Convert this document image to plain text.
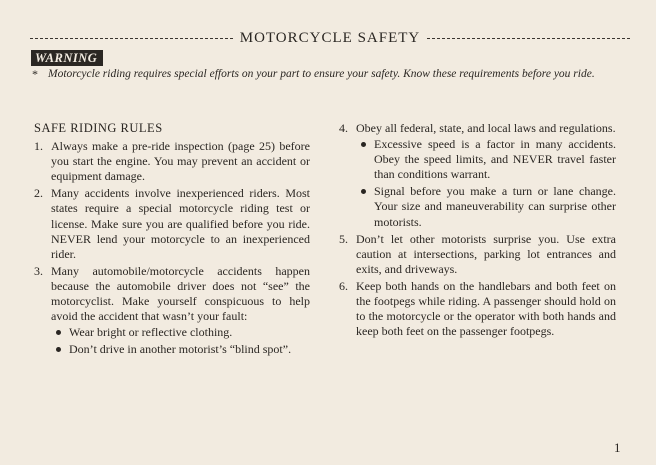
MOTORCYCLE SAFETY
WARNING
* Motorcycle riding requires special efforts on your part to ensure your safety. Know these requirements before you ride.
SAFE RIDING RULES
1. Always make a pre-ride inspection (page 25) before you start the engine. You may prevent an accident or equipment damage.
2. Many accidents involve inexperienced riders. Most states require a special motorcycle riding test or license. Make sure you are qualified before you ride. NEVER lend your motorcycle to an inexperienced rider.
3. Many automobile/motorcycle accidents happen because the automobile driver does not “see” the motorcyclist. Make yourself conspicuous to help avoid the accident that wasn’t your fault:
Wear bright or reflective clothing.
Don’t drive in another motorist’s “blind spot”.
4. Obey all federal, state, and local laws and regulations.
Excessive speed is a factor in many accidents. Obey the speed limits, and NEVER travel faster than conditions warrant.
Signal before you make a turn or lane change. Your size and maneuverability can surprise other motorists.
5. Don’t let other motorists surprise you. Use extra caution at intersections, parking lot entrances and exits, and driveways.
6. Keep both hands on the handlebars and both feet on the footpegs while riding. A passenger should hold on to the motorcycle or the operator with both hands and keep both feet on the passenger footpegs.
1
